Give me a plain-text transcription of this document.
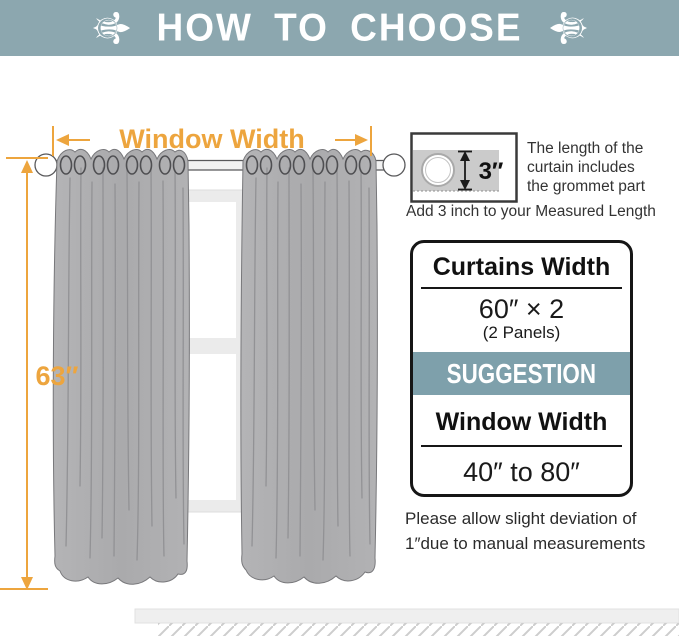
⚜ HOW TO CHOOSE ⚜
Window Width
63″
3″
The length of the
curtain includes
the grommet part
Add 3 inch to your Measured Length
Curtains Width
60″ × 2
(2 Panels)
SUGGESTION
Window Width
40″ to 80″
Please allow slight deviation of
1″due to manual measurements
